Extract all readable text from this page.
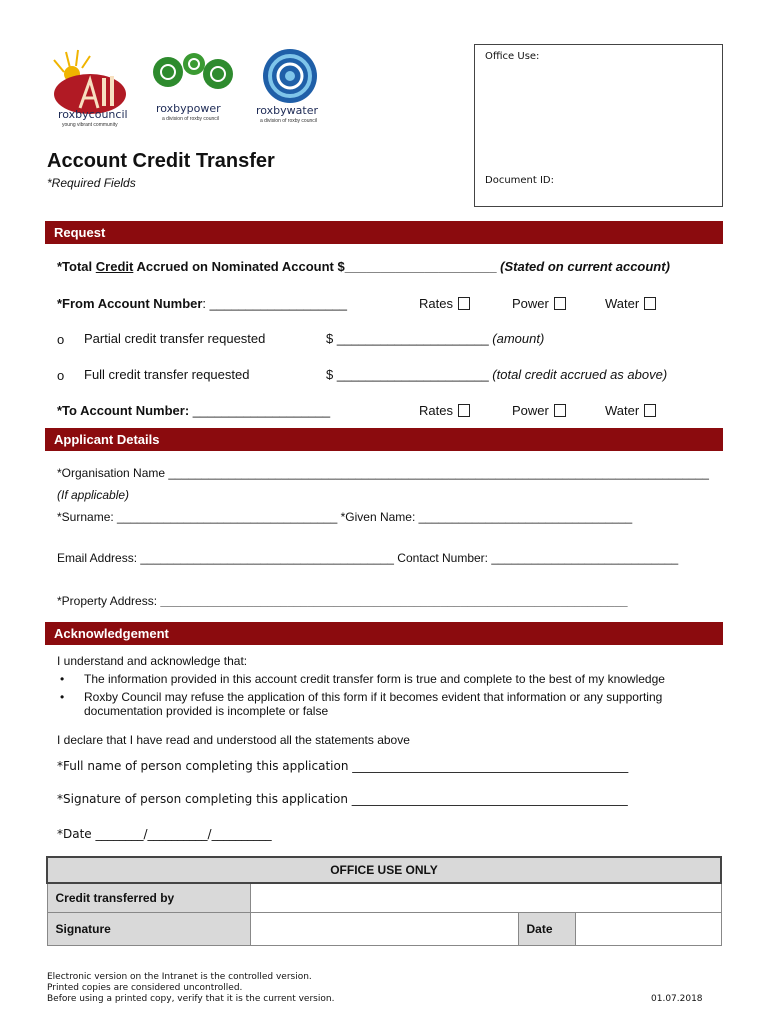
roxbycouncil
young vibrant community
roxbypower
a division of roxby council
roxbywater
a division of roxby council
Office Use:
Document ID:
Account Credit Transfer
*Required Fields
Request
*Total Credit Accrued on Nominated Account $_____________________ (Stated on current account)
*From Account Number: ___________________	Rates	Power	Water
o Partial credit transfer requested	$ _____________________ (amount)
o Full credit transfer requested	$ _____________________ (total credit accrued as above)
*To Account Number: ___________________	Rates	Power	Water
Applicant Details
*Organisation Name _________________________________________________________________________________
(If applicable)
*Surname: _________________________________ *Given Name: ________________________________
Email Address: ______________________________________ Contact Number: ____________________________
*Property Address: ______________________________________________________________________
Acknowledgement
I understand and acknowledge that:
• The information provided in this account credit transfer form is true and complete to the best of my knowledge
• Roxby Council may refuse the application of this form if it becomes evident that information or any supporting
documentation provided is incomplete or false
I declare that I have read and understood all the statements above
*Full name of person completing this application ______________________________________________
*Signature of person completing this application ______________________________________________
*Date ________/__________/__________
OFFICE USE ONLY			
Credit transferred by			
Signature		Date	
Electronic version on the Intranet is the controlled version.
Printed copies are considered uncontrolled.
Before using a printed copy, verify that it is the current version.	01.07.2018
